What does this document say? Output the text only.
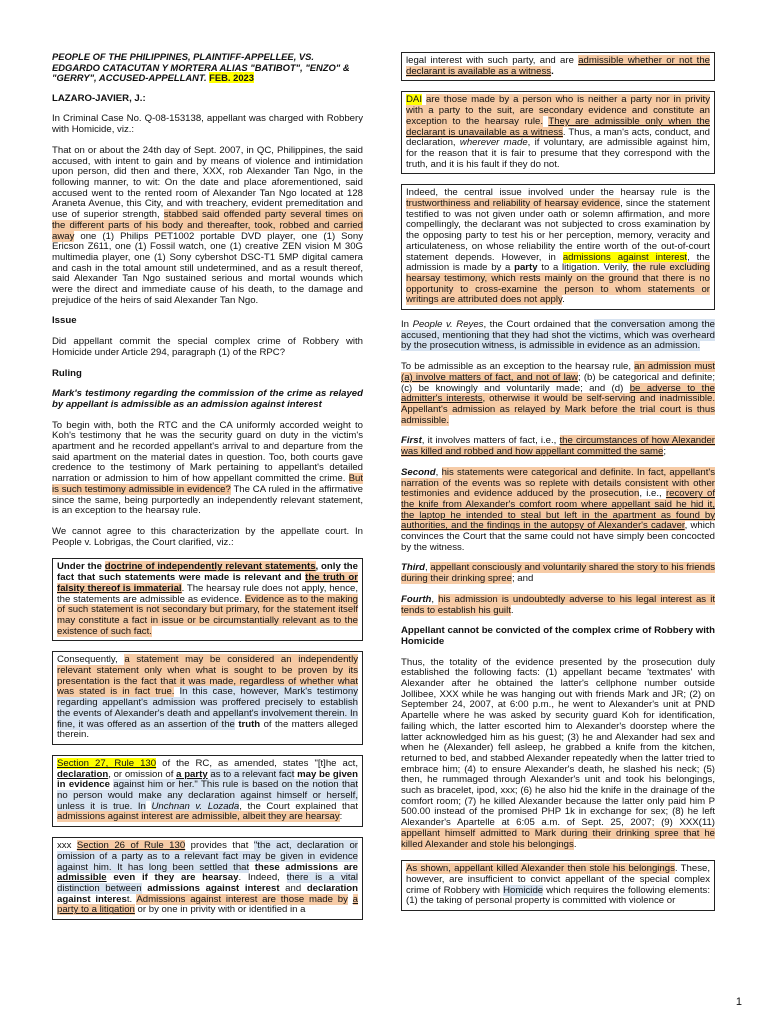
PEOPLE OF THE PHILIPPINES, PLAINTIFF-APPELLEE, VS. EDGARDO CATACUTAN Y MORTERA ALIAS "BATIBOT", "ENZO" & "GERRY", ACCUSED-APPELLANT. FEB. 2023

LAZARO-JAVIER, J.:

In Criminal Case No. Q-08-153138, appellant was charged with Robbery with Homicide, viz.:

That on or about the 24th day of Sept. 2007, in QC, Philippines, the said accused, with intent to gain and by means of violence and intimidation upon person, did then and there, XXX, rob Alexander Tan Ngo, in the following manner, to wit: On the date and place aforementioned, said accused went to the rented room of Alexander Tan Ngo located at 128 Araneta Avenue, this City, and with treachery, evident premeditation and use of superior strength, stabbed said offended party several times on the different parts of his body and thereafter, took, robbed and carried away one (1) Philips PET1002 portable DVD player, one (1) Sony Ericson Z611, one (1) Fossil watch, one (1) creative ZEN vision M 30G multimedia player, one (1) Sony cybershot DSC-T1 5MP digital camera and cash in the total amount still undetermined, and as a result thereof, said Alexander Tan Ngo sustained serious and mortal wounds which were the direct and immediate cause of his death, to the damage and prejudice of the heirs of said Alexander Tan Ngo.

Issue

Did appellant commit the special complex crime of Robbery with Homicide under Article 294, paragraph (1) of the RPC?

Ruling

Mark's testimony regarding the commission of the crime as relayed by appellant is admissible as an admission against interest

To begin with, both the RTC and the CA uniformly accorded weight to Koh's testimony that he was the security guard on duty in the victim's apartment and he recorded appellant's arrival to and departure from the said apartment on the material dates in question. Too, both courts gave credence to the testimony of Mark pertaining to appellant's detailed narration or admission to him of how appellant committed the crime. But is such testimony admissible in evidence? The CA ruled in the affirmative since the same, being purportedly an independently relevant statement, is an exception to the hearsay rule.

We cannot agree to this characterization by the appellate court. In People v. Lobrigas, the Court clarified, viz.:

Under the doctrine of independently relevant statements, only the fact that such statements were made is relevant and the truth or falsity thereof is immaterial. The hearsay rule does not apply, hence, the statements are admissible as evidence. Evidence as to the making of such statement is not secondary but primary, for the statement itself may constitute a fact in issue or be circumstantially relevant as to the existence of such fact.
Consequently, a statement may be considered an independently relevant statement only when what is sought to be proven by its presentation is the fact that it was made, regardless of whether what was stated is in fact true. In this case, however, Mark's testimony regarding appellant's admission was proffered precisely to establish the events of Alexander's death and appellant's involvement therein. In fine, it was offered as an assertion of the truth of the matters alleged therein.
Section 27, Rule 130 of the RC, as amended, states "[t]he act, declaration, or omission of a party as to a relevant fact may be given in evidence against him or her." This rule is based on the notion that no person would make any declaration against himself or herself, unless it is true. In Unchnan v. Lozada, the Court explained that admissions against interest are admissible, albeit they are hearsay:
xxx Section 26 of Rule 130 provides that "the act, declaration or omission of a party as to a relevant fact may be given in evidence against him. It has long been settled that these admissions are admissible even if they are hearsay. Indeed, there is a vital distinction between admissions against interest and declaration against interest. Admissions against interest are those made by a party to a litigation or by one in privity with or identified in a
legal interest with such party, and are admissible whether or not the declarant is available as a witness.
DAI are those made by a person who is neither a party nor in privity with a party to the suit, are secondary evidence and constitute an exception to the hearsay rule. They are admissible only when the declarant is unavailable as a witness. Thus, a man's acts, conduct, and declaration, wherever made, if voluntary, are admissible against him, for the reason that it is fair to presume that they correspond with the truth, and it is his fault if they do not.
Indeed, the central issue involved under the hearsay rule is the trustworthiness and reliability of hearsay evidence, since the statement testified to was not given under oath or solemn affirmation, and more compellingly, the declarant was not subjected to cross examination by the opposing party to test his or her perception, memory, veracity and articulateness, on whose reliability the entire worth of the out-of-court statement depends. However, in admissions against interest, the admission is made by a party to a litigation. Verily, the rule excluding hearsay testimony, which rests mainly on the ground that there is no opportunity to cross-examine the person to whom statements or writings are attributed does not apply.

In People v. Reyes, the Court ordained that the conversation among the accused, mentioning that they had shot the victims, which was overheard by the prosecution witness, is admissible in evidence as an admission.

To be admissible as an exception to the hearsay rule, an admission must (a) involve matters of fact, and not of law; (b) be categorical and definite; (c) be knowingly and voluntarily made; and (d) be adverse to the admitter's interests, otherwise it would be self-serving and inadmissible. Appellant's admission as relayed by Mark before the trial court is thus admissible.

First, it involves matters of fact, i.e., the circumstances of how Alexander was killed and robbed and how appellant committed the same;

Second, his statements were categorical and definite. In fact, appellant's narration of the events was so replete with details consistent with other testimonies and evidence adduced by the prosecution, i.e., recovery of the knife from Alexander's comfort room where appellant said he hid it, the laptop he intended to steal but left in the apartment as found by authorities, and the findings in the autopsy of Alexander's cadaver, which convinces the Court that the same could not have simply been concocted by the witness.

Third, appellant consciously and voluntarily shared the story to his friends during their drinking spree; and

Fourth, his admission is undoubtedly adverse to his legal interest as it tends to establish his guilt.

Appellant cannot be convicted of the complex crime of Robbery with Homicide

Thus, the totality of the evidence presented by the prosecution duly established the following facts: (1) appellant became 'textmates' with Alexander after he obtained the latter's cellphone number outside Jollibee, XXX while he was hanging out with friends Mark and JR; (2) on September 24, 2007, at 6:00 p.m., he went to Alexander's unit at PND Apartelle where he was asked by security guard Koh for identification, failing which, the latter escorted him to Alexander's doorstep where the latter acknowledged him as his guest; (3) he and Alexander had sex and when he (Alexander) fell asleep, he grabbed a knife from the kitchen, returned to bed, and stabbed Alexander repeatedly when the latter tried to embrace him; (4) to ensure Alexander's death, he slashed his neck; (5) then, he rummaged through Alexander's unit and took his belongings, such as bracelet, ipod, xxx; (6) he also hid the knife in the drainage of the comfort room; (7) he killed Alexander because the latter only paid him P 500.00 instead of the promised PHP 1k in exchange for sex; (8) he left Alexander's Apartelle at 6:05 a.m. of Sept. 25, 2007; (9) XXX(11) appellant himself admitted to Mark during their drinking spree that he killed Alexander and stole his belongings.

As shown, appellant killed Alexander then stole his belongings. These, however, are insufficient to convict appellant of the special complex crime of Robbery with Homicide which requires the following elements: (1) the taking of personal property is committed with violence or
1
